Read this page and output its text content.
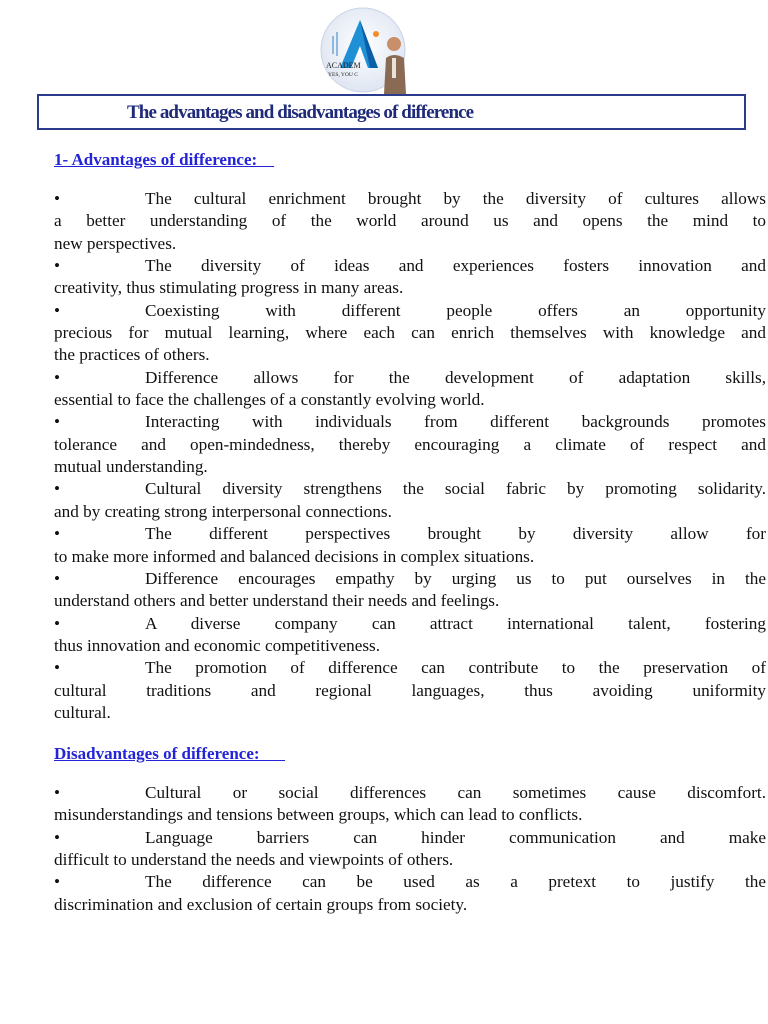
ACADEM
YES, YOU C
The advantages and disadvantages of difference
1- Advantages of difference:
•	The cultural enrichment brought by the diversity of cultures allows
a better understanding of the world around us and opens the mind to
new perspectives.
•	The diversity of ideas and experiences fosters innovation and
creativity, thus stimulating progress in many areas.
•	Coexisting with different people offers an opportunity
precious for mutual learning, where each can enrich themselves with knowledge and
the practices of others.
•	Difference allows for the development of adaptation skills,
essential to face the challenges of a constantly evolving world.
•	Interacting with individuals from different backgrounds promotes
tolerance and open-mindedness, thereby encouraging a climate of respect and
mutual understanding.
•	Cultural diversity strengthens the social fabric by promoting solidarity.
and by creating strong interpersonal connections.
•	The different perspectives brought by diversity allow for
to make more informed and balanced decisions in complex situations.
•	Difference encourages empathy by urging us to put ourselves in the
understand others and better understand their needs and feelings.
•	A diverse company can attract international talent, fostering
thus innovation and economic competitiveness.
•	The promotion of difference can contribute to the preservation of
cultural traditions and regional languages, thus avoiding uniformity
cultural.
Disadvantages of difference:
•	Cultural or social differences can sometimes cause discomfort.
misunderstandings and tensions between groups, which can lead to conflicts.
•	Language barriers can hinder communication and make
difficult to understand the needs and viewpoints of others.
•	The difference can be used as a pretext to justify the
discrimination and exclusion of certain groups from society.
